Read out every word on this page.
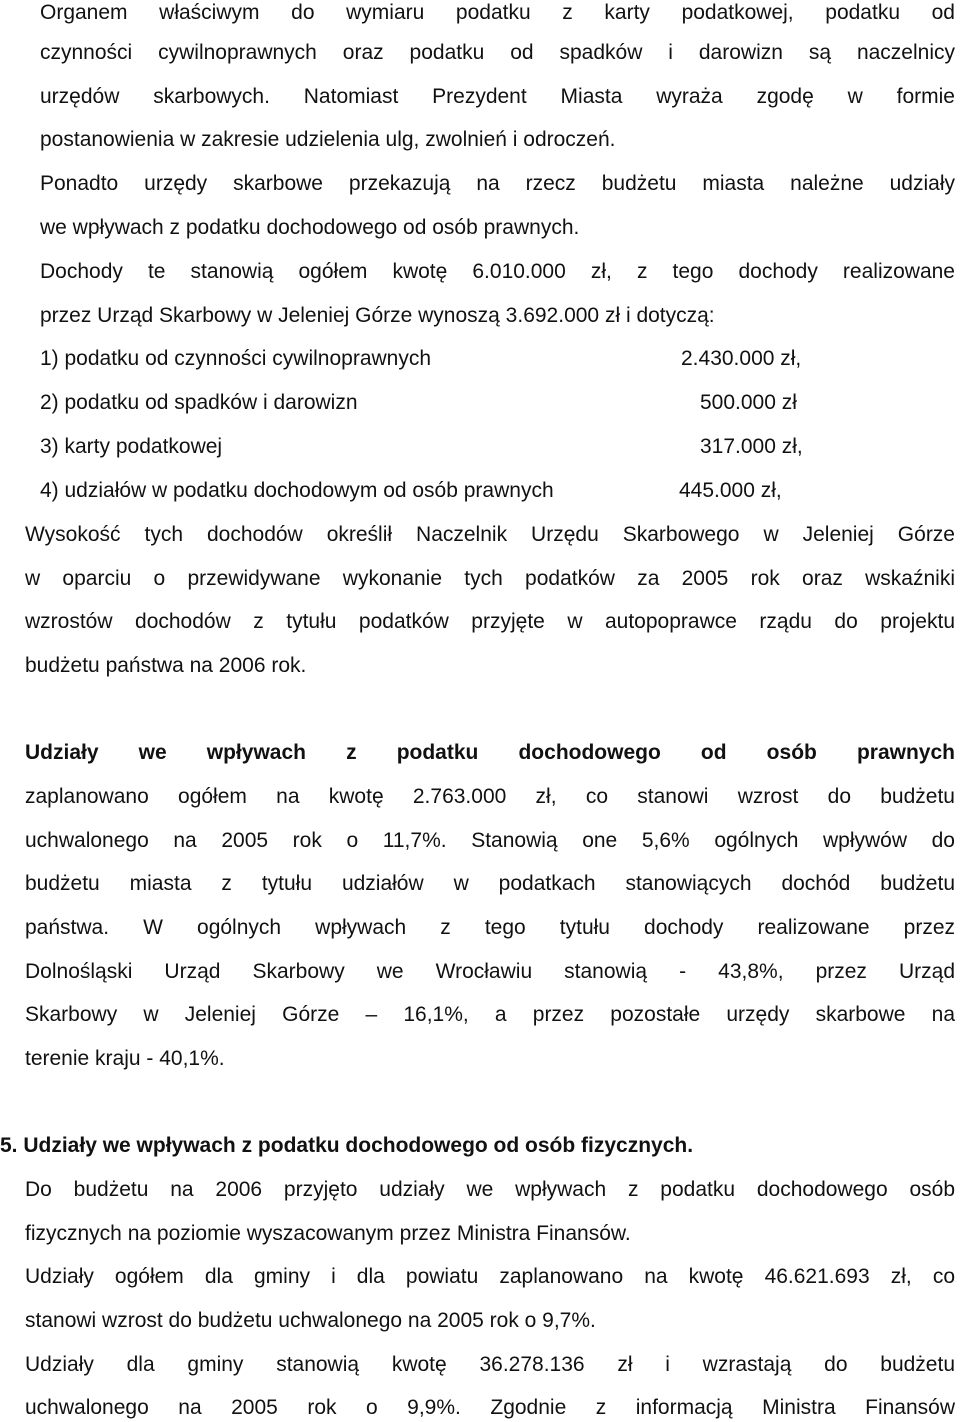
Organem właściwym do wymiaru podatku z karty podatkowej, podatku od
czynności cywilnoprawnych oraz podatku od spadków i darowizn są naczelnicy
urzędów skarbowych. Natomiast Prezydent Miasta wyraża zgodę w formie
postanowienia w zakresie udzielenia ulg, zwolnień i odroczeń.
Ponadto urzędy skarbowe przekazują na rzecz budżetu miasta należne udziały
we wpływach z podatku dochodowego od osób prawnych.
Dochody te stanowią ogółem kwotę 6.010.000 zł, z tego dochody realizowane
przez Urząd Skarbowy w Jeleniej Górze wynoszą 3.692.000 zł i dotyczą:
1) podatku od czynności cywilnoprawnych	2.430.000 zł,
2) podatku od spadków i darowizn	500.000 zł
3) karty podatkowej	317.000 zł,
4) udziałów w podatku dochodowym od osób prawnych	445.000 zł,
Wysokość tych dochodów określił Naczelnik Urzędu Skarbowego w Jeleniej Górze
w oparciu o przewidywane wykonanie tych podatków za 2005 rok oraz wskaźniki
wzrostów dochodów z tytułu podatków przyjęte w autopoprawce rządu do projektu
budżetu państwa na 2006 rok.
Udziały we wpływach z podatku dochodowego od osób prawnych
zaplanowano ogółem na kwotę 2.763.000 zł, co stanowi wzrost do budżetu
uchwalonego na 2005 rok o 11,7%. Stanowią one 5,6% ogólnych wpływów do
budżetu miasta z tytułu udziałów w podatkach stanowiących dochód budżetu
państwa. W ogólnych wpływach z tego tytułu dochody realizowane przez
Dolnośląski Urząd Skarbowy we Wrocławiu stanowią - 43,8%, przez Urząd
Skarbowy w Jeleniej Górze – 16,1%, a przez pozostałe urzędy skarbowe na
terenie kraju - 40,1%.
5. Udziały we wpływach z podatku dochodowego od osób fizycznych.
Do budżetu na 2006 przyjęto udziały we wpływach z podatku dochodowego osób
fizycznych na poziomie wyszacowanym przez Ministra Finansów.
Udziały ogółem dla gminy i dla powiatu zaplanowano na kwotę 46.621.693 zł, co
stanowi wzrost do budżetu uchwalonego na 2005 rok o 9,7%.
Udziały dla gminy stanowią kwotę 36.278.136 zł i wzrastają do budżetu
uchwalonego na 2005 rok o 9,9%. Zgodnie z informacją Ministra Finansów
